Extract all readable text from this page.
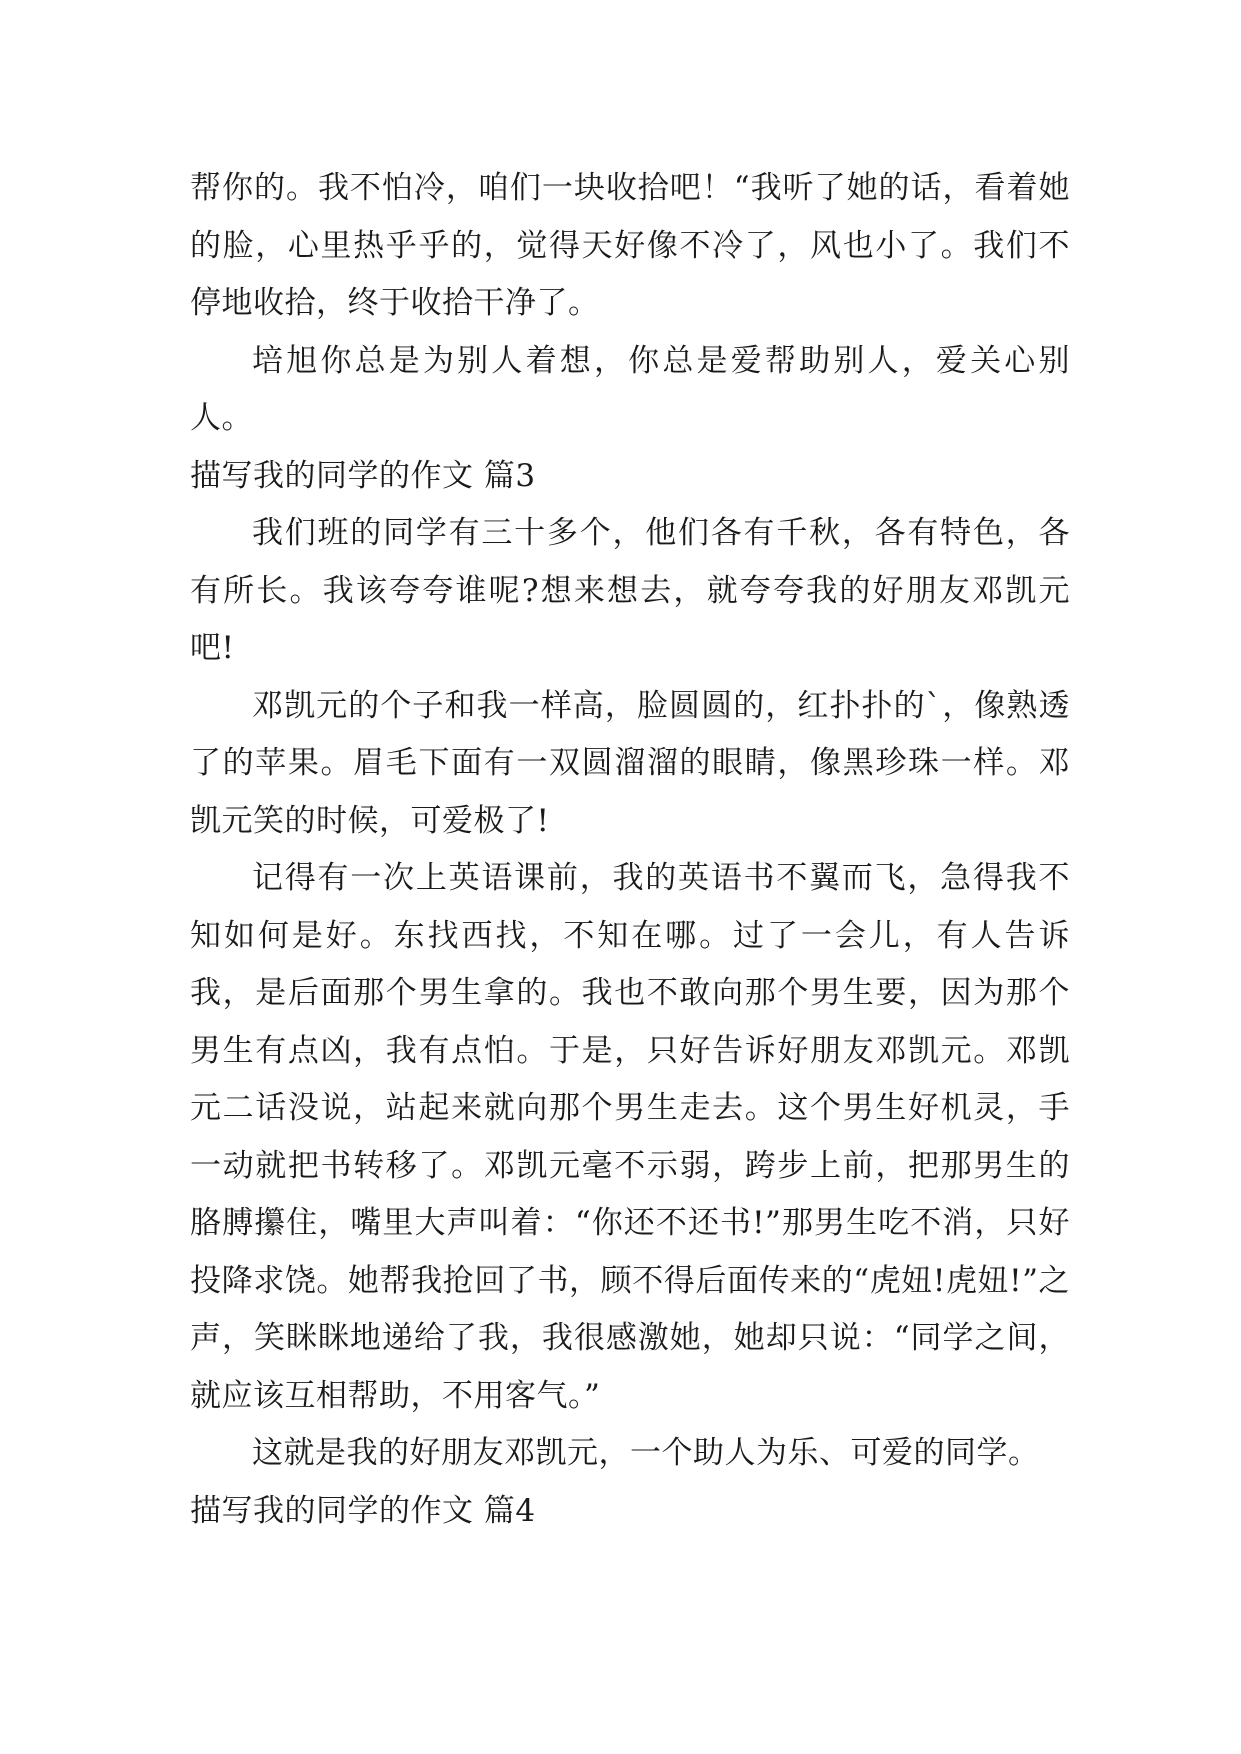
帮你的。我不怕冷，咱们一块收拾吧！“我听了她的话，看着她的脸，心里热乎乎的，觉得天好像不冷了，风也小了。我们不停地收拾，终于收拾干净了。

培旭你总是为别人着想，你总是爱帮助别人，爱关心别人。

描写我的同学的作文 篇3

我们班的同学有三十多个，他们各有千秋，各有特色，各有所长。我该夸夸谁呢?想来想去，就夸夸我的好朋友邓凯元吧!

邓凯元的个子和我一样高，脸圆圆的，红扑扑的`，像熟透了的苹果。眉毛下面有一双圆溜溜的眼睛，像黑珍珠一样。邓凯元笑的时候，可爱极了!

记得有一次上英语课前，我的英语书不翼而飞，急得我不知如何是好。东找西找，不知在哪。过了一会儿，有人告诉我，是后面那个男生拿的。我也不敢向那个男生要，因为那个男生有点凶，我有点怕。于是，只好告诉好朋友邓凯元。邓凯元二话没说，站起来就向那个男生走去。这个男生好机灵，手一动就把书转移了。邓凯元毫不示弱，跨步上前，把那男生的胳膊攥住，嘴里大声叫着：“你还不还书!”那男生吃不消，只好投降求饶。她帮我抢回了书，顾不得后面传来的“虎妞!虎妞!”之声，笑眯眯地递给了我，我很感激她，她却只说：“同学之间，就应该互相帮助，不用客气。”

这就是我的好朋友邓凯元，一个助人为乐、可爱的同学。

描写我的同学的作文 篇4
